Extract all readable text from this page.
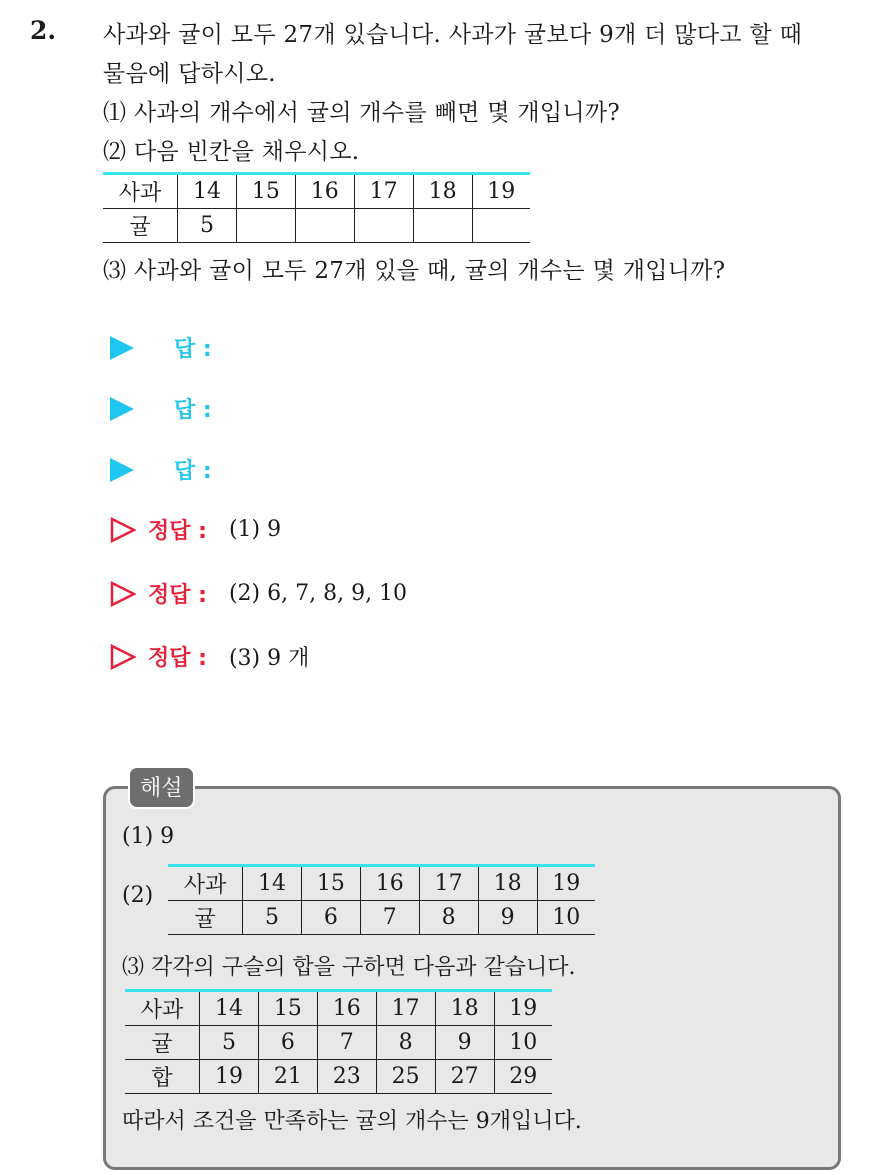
2. 사과와 귤이 모두 27개 있습니다. 사과가 귤보다 9개 더 많다고 할 때
물음에 답하시오.
⑴ 사과의 개수에서 귤의 개수를 빼면 몇 개입니까?
⑵ 다음 빈칸을 채우시오.
사과	14	15	16	17	18	19
귤	5					
⑶ 사과와 귤이 모두 27개 있을 때, 귤의 개수는 몇 개입니까?
답 :
답 :
답 :
정답 : (1) 9
정답 : (2) 6, 7, 8, 9, 10
정답 : (3) 9 개
해설
(1) 9
(2) 사과	14	15	16	17	18	19
귤	5	6	7	8	9	10
⑶ 각각의 구슬의 합을 구하면 다음과 같습니다.
사과	14	15	16	17	18	19
귤	5	6	7	8	9	10
합	19	21	23	25	27	29
따라서 조건을 만족하는 귤의 개수는 9개입니다.
